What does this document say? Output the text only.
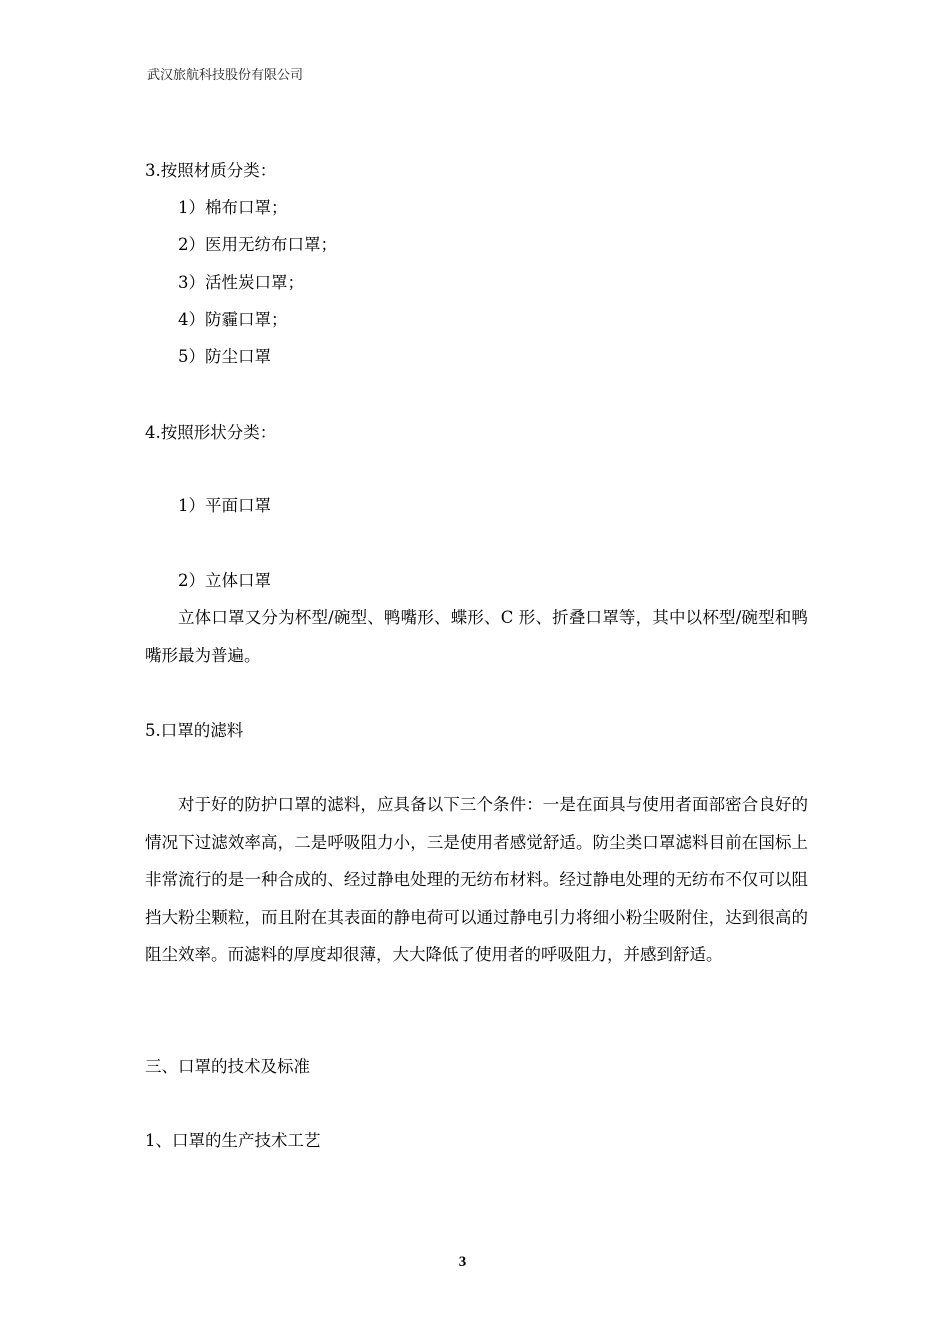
武汉旅航科技股份有限公司
3.按照材质分类：
1）棉布口罩；
2）医用无纺布口罩；
3）活性炭口罩；
4）防霾口罩；
5）防尘口罩
4.按照形状分类：
1）平面口罩
2）立体口罩
立体口罩又分为杯型/碗型、鸭嘴形、蝶形、C 形、折叠口罩等，其中以杯型/碗型和鸭嘴形最为普遍。
5.口罩的滤料
对于好的防护口罩的滤料，应具备以下三个条件：一是在面具与使用者面部密合良好的情况下过滤效率高，二是呼吸阻力小，三是使用者感觉舒适。防尘类口罩滤料目前在国标上非常流行的是一种合成的、经过静电处理的无纺布材料。经过静电处理的无纺布不仅可以阻挡大粉尘颗粒，而且附在其表面的静电荷可以通过静电引力将细小粉尘吸附住，达到很高的阻尘效率。而滤料的厚度却很薄，大大降低了使用者的呼吸阻力，并感到舒适。
三、口罩的技术及标准
1、口罩的生产技术工艺
3
